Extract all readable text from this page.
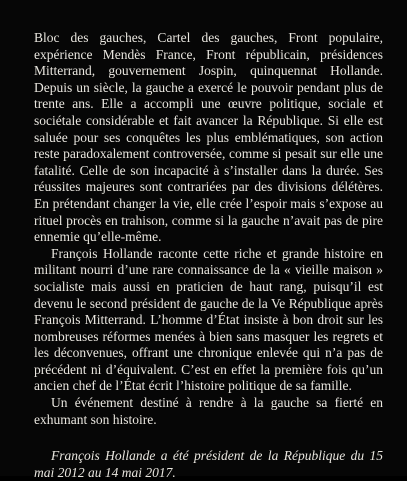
Bloc des gauches, Cartel des gauches, Front populaire, expérience Mendès France, Front républicain, présidences Mitterrand, gouvernement Jospin, quinquennat Hollande. Depuis un siècle, la gauche a exercé le pouvoir pendant plus de trente ans. Elle a accompli une œuvre politique, sociale et sociétale considérable et fait avancer la République. Si elle est saluée pour ses conquêtes les plus emblématiques, son action reste paradoxalement controversée, comme si pesait sur elle une fatalité. Celle de son incapacité à s’installer dans la durée. Ses réussites majeures sont contrariées par des divisions délétères. En prétendant changer la vie, elle crée l’espoir mais s’expose au rituel procès en trahison, comme si la gauche n’avait pas de pire ennemie qu’elle-même.

François Hollande raconte cette riche et grande histoire en militant nourri d’une rare connaissance de la « vieille maison » socialiste mais aussi en praticien de haut rang, puisqu’il est devenu le second président de gauche de la Ve République après François Mitterrand. L’homme d’État insiste à bon droit sur les nombreuses réformes menées à bien sans masquer les regrets et les déconvenues, offrant une chronique enlevée qui n’a pas de précédent ni d’équivalent. C’est en effet la première fois qu’un ancien chef de l’État écrit l’histoire politique de sa famille.

Un événement destiné à rendre à la gauche sa fierté en exhumant son histoire.

François Hollande a été président de la République du 15 mai 2012 au 14 mai 2017.
